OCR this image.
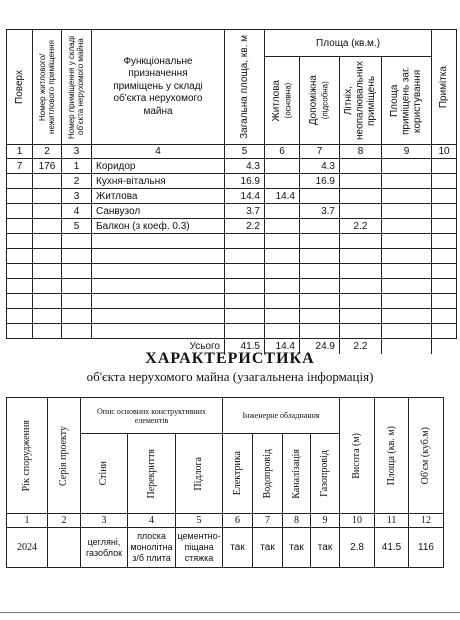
Поверх	Номер житлового/ нежитлового приміщення	Номер приміщення у складі об'єкта нерухомого майна	Функціональне призначення приміщень у складі об'єкта нерухомого майна	Загальна площа, кв. м	Площа (кв.м.)				Примітка

					Житлова (основна)	Допоміжна (підсобна)	Літніх, неопалювальних приміщень	Площа приміщень заг. користування	

1	2	3	4	5	6	7	8	9	10
7	176	1	Коридор	4.3		4.3			
		2	Кухня-вітальня	16.9		16.9			
		3	Житлова	14.4	14.4				
		4	Санвузол	3.7		3.7			
		5	Балкон (з коеф. 0.3)	2.2			2.2		

			Усього	41.5	14.4	24.9	2.2		
ХАРАКТЕРИСТИКА
об'єкта нерухомого майна (узагальнена інформація)
Рік спорудження	Серія проекту	Опис основних конструктивних елементів			Інженерне обладнання				Висота (м)	Площа (кв. м)	Об'єм (куб.м)

		Стіни	Перекриття	Підлога	Електрика	Водопровід	Каналізація	Газопровід			

1	2	3	4	5	6	7	8	9	10	11	12
2024		цегляні, газоблок	плоска монолітна з/б плита	цементно-піщана стяжка	так	так	так	так	2.8	41.5	116
